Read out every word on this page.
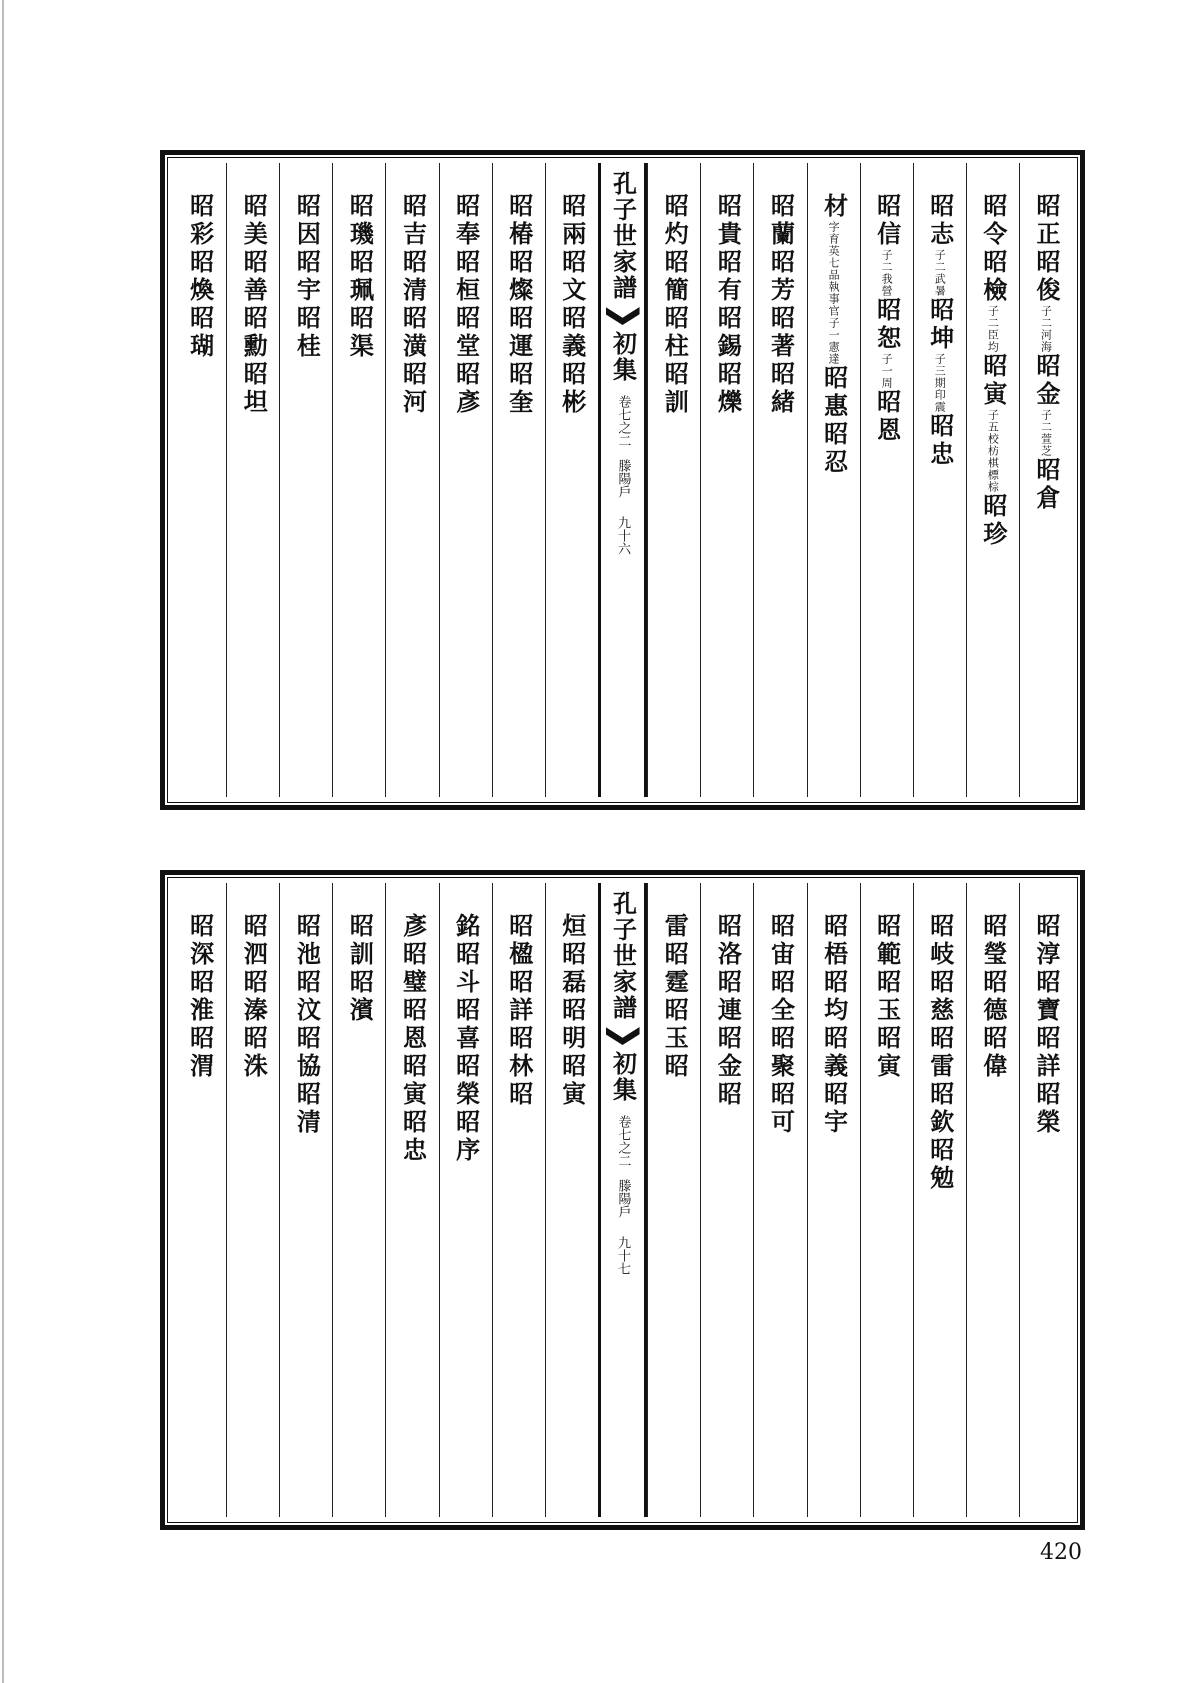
昭正
昭俊
子二河海
昭金
子二萱芝
昭倉
昭令
昭檢
子二臣均
昭寅
子五校枋棋標棕
昭珍
昭志
子二武暑
昭坤
子三期印震
昭忠
昭信
子二我營
昭恕
子一周
昭恩
材
字育英七品執事官子一憲達
昭惠
昭忍
昭蘭
昭芳
昭著
昭緒
昭貴
昭有
昭錫
昭爍
昭灼
昭簡
昭柱
昭訓
孔子世家譜
初集
卷七之二
滕陽戶
九十六
昭兩
昭文
昭義
昭彬
昭椿
昭燦
昭運
昭奎
昭奉
昭桓
昭堂
昭彥
昭吉
昭清
昭潢
昭河
昭璣
昭珮
昭渠
昭因
昭宇
昭桂
昭美
昭善
昭勳
昭坦
昭彩
昭煥
昭瑚
昭淳
昭寶
昭詳
昭榮
昭瑩
昭德
昭偉
昭岐
昭慈
昭雷
昭欽
昭勉
昭範
昭玉
昭寅
昭梧
昭均
昭義
昭宇
昭宙
昭全
昭聚
昭可
昭洛
昭連
昭金
昭
雷
昭霆
昭玉
昭
孔子世家譜
初集
卷七之二
滕陽戶
九十七
烜
昭磊
昭明
昭寅
昭楹
昭詳
昭林
昭
銘
昭斗
昭喜
昭榮
昭序
彥
昭璧
昭恩
昭寅
昭忠
昭訓
昭濱
昭池
昭汶
昭協
昭清
昭泗
昭溱
昭洙
昭深
昭淮
昭渭
420
